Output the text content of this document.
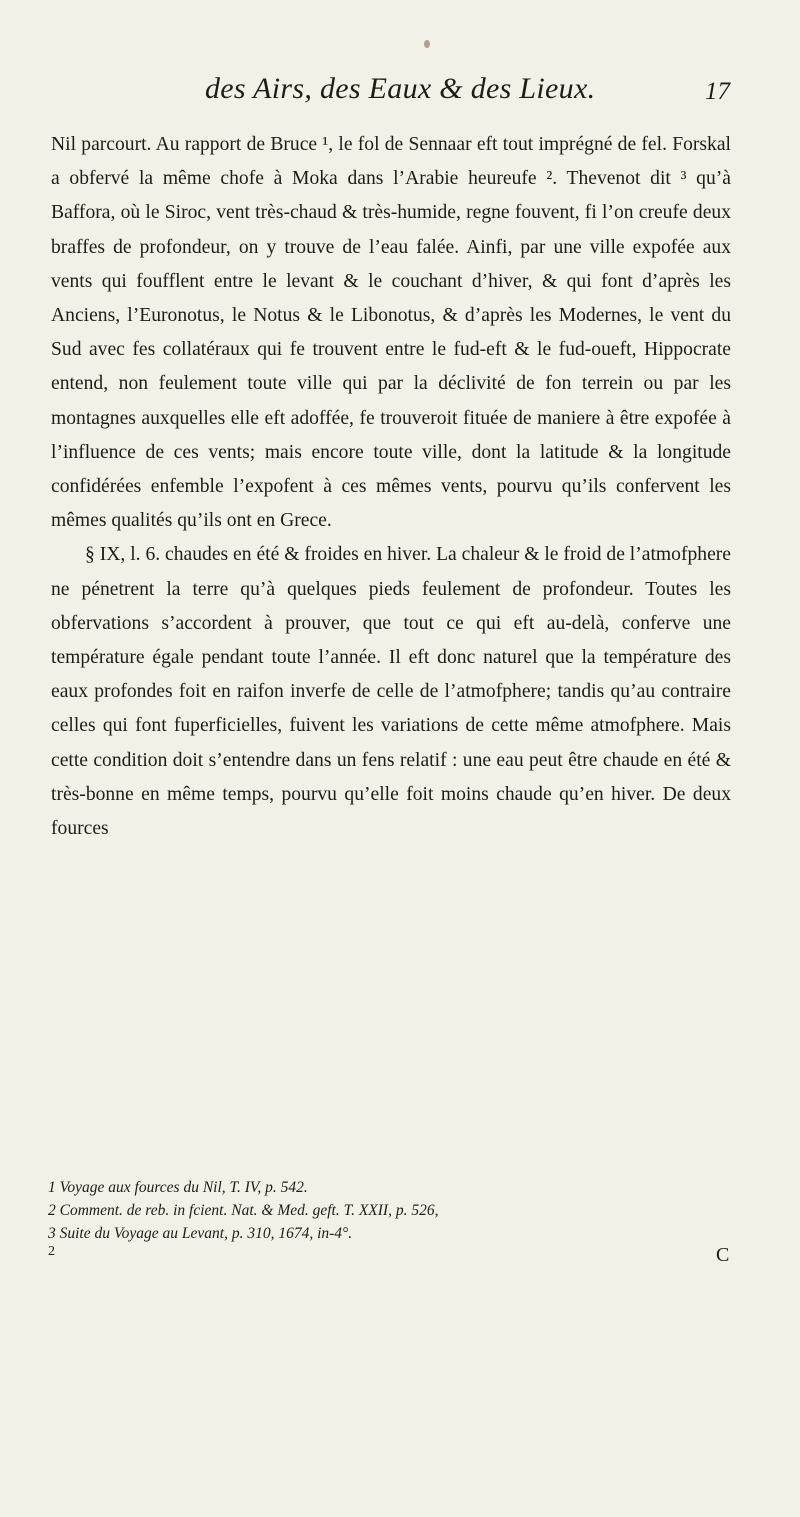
des Airs, des Eaux & des Lieux.	17

Nil parcourt. Au rapport de Bruce ¹, le fol de Sennaar eft tout imprégné de fel. Forskal a obfervé la même chofe à Moka dans l’Arabie heureufe ². Thevenot dit ³ qu’à Baffora, où le Siroc, vent très-chaud & très-humide, regne fouvent, fi l’on creufe deux braffes de profondeur, on y trouve de l’eau falée. Ainfi, par une ville expofée aux vents qui foufflent entre le levant & le couchant d’hiver, & qui font d’après les Anciens, l’Euronotus, le Notus & le Libonotus, & d’après les Modernes, le vent du Sud avec fes collatéraux qui fe trouvent entre le fud-eft & le fud-oueft, Hippocrate entend, non feulement toute ville qui par la déclivité de fon terrein ou par les montagnes auxquelles elle eft adoffée, fe trouveroit fituée de maniere à être expofée à l’influence de ces vents; mais encore toute ville, dont la latitude & la longitude confidérées enfemble l’expofent à ces mêmes vents, pourvu qu’ils confervent les mêmes qualités qu’ils ont en Grece.

§ IX, l. 6. chaudes en été & froides en hiver. La chaleur & le froid de l’atmofphere ne pénetrent la terre qu’à quelques pieds feulement de profondeur. Toutes les obfervations s’accordent à prouver, que tout ce qui eft au-delà, conferve une température égale pendant toute l’année. Il eft donc naturel que la température des eaux profondes foit en raifon inverfe de celle de l’atmofphere; tandis qu’au contraire celles qui font fuperficielles, fuivent les variations de cette même atmofphere. Mais cette condition doit s’entendre dans un fens relatif : une eau peut être chaude en été & très-bonne en même temps, pourvu qu’elle foit moins chaude qu’en hiver. De deux fources

1 Voyage aux fources du Nil, T. IV, p. 542.
2 Comment. de reb. in fcient. Nat. & Med. geft. T. XXII, p. 526,
3 Suite du Voyage au Levant, p. 310, 1674, in-4°.
2	C
